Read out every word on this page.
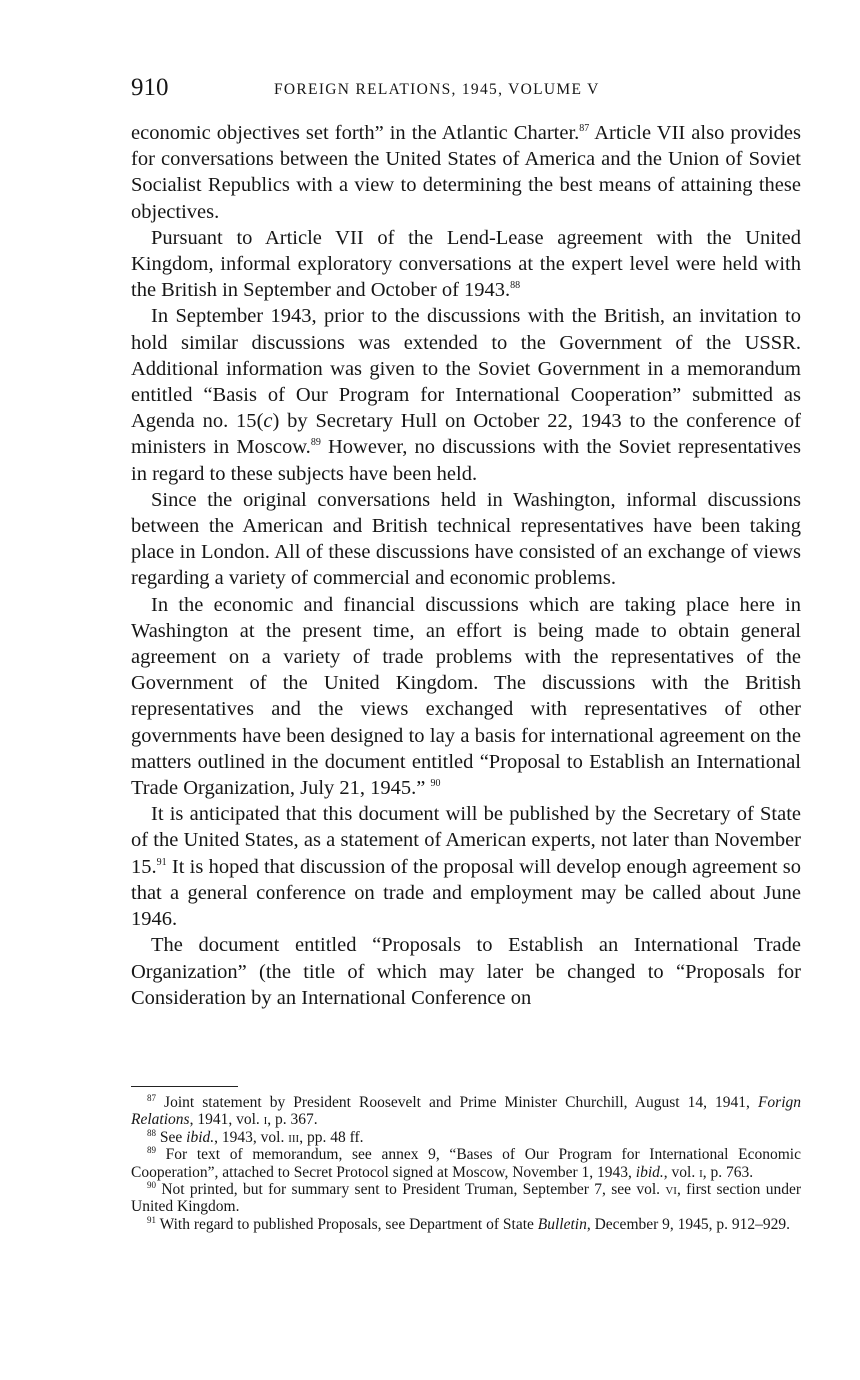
910	FOREIGN RELATIONS, 1945, VOLUME V

economic objectives set forth” in the Atlantic Charter.$^{87}$ Article VII also provides for conversations between the United States of America and the Union of Soviet Socialist Republics with a view to determining the best means of attaining these objectives.

Pursuant to Article VII of the Lend-Lease agreement with the United Kingdom, informal exploratory conversations at the expert level were held with the British in September and October of 1943.88

In September 1943, prior to the discussions with the British, an invitation to hold similar discussions was extended to the Government of the USSR. Additional information was given to the Soviet Government in a memorandum entitled “Basis of Our Program for International Cooperation” submitted as Agenda no. 15(c) by Secretary Hull on October 22, 1943 to the conference of ministers in Moscow.$^{89}$ However, no discussions with the Soviet representatives in regard to these subjects have been held.

Since the original conversations held in Washington, informal discussions between the American and British technical representatives have been taking place in London. All of these discussions have consisted of an exchange of views regarding a variety of commercial and economic problems.

In the economic and financial discussions which are taking place here in Washington at the present time, an effort is being made to obtain general agreement on a variety of trade problems with the representatives of the Government of the United Kingdom. The discussions with the British representatives and the views exchanged with representatives of other governments have been designed to lay a basis for international agreement on the matters outlined in the document entitled “Proposal to Establish an International Trade Organization, July 21, 1945.” $^{90}$

It is anticipated that this document will be published by the Secretary of State of the United States, as a statement of American experts, not later than November 15.91 It is hoped that discussion of the proposal will develop enough agreement so that a general conference on trade and employment may be called about June 1946.

The document entitled “Proposals to Establish an International Trade Organization” (the title of which may later be changed to “Proposals for Consideration by an International Conference on

$^{87}$ Joint statement by President Roosevelt and Prime Minister Churchill, August 14, 1941, Forign Relations, 1941, vol. i, p. 367.

$^{88}$ See ibid., 1943, vol. iii, pp. 48 ff.

$^{89}$ For text of memorandum, see annex 9, “Bases of Our Program for International Economic Cooperation”, attached to Secret Protocol signed at Moscow, November 1, 1943, ibid., vol. i, p. 763.

$^{90}$ Not printed, but for summary sent to President Truman, September 7, see vol. vi, first section under United Kingdom.

$^{91}$ With regard to published Proposals, see Department of State Bulletin, December 9, 1945, p. 912–929.
